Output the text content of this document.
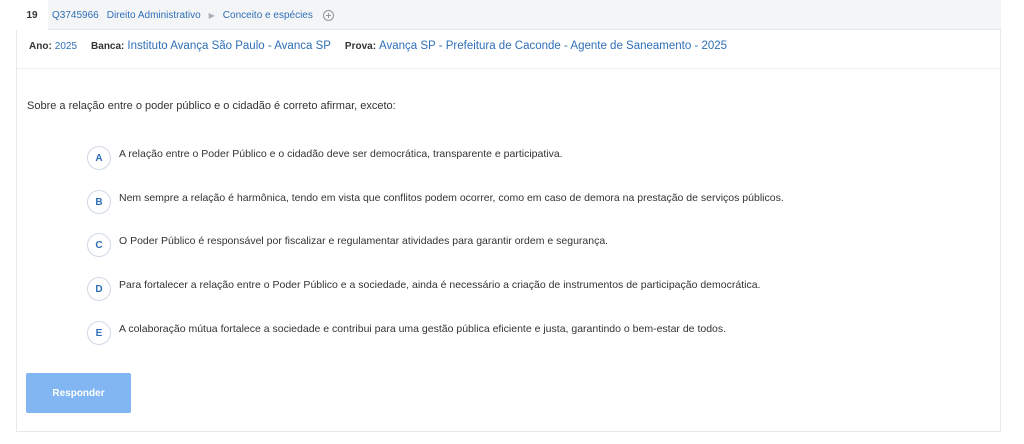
19	Q3745966 Direito Administrativo ▶ Conceito e espécies
Ano: 2025 Banca: Instituto Avança São Paulo - Avanca SP Prova: Avança SP - Prefeitura de Caconde - Agente de Saneamento - 2025
Sobre a relação entre o poder público e o cidadão é correto afirmar, exceto:
A	A relação entre o Poder Público e o cidadão deve ser democrática, transparente e participativa.
B	Nem sempre a relação é harmônica, tendo em vista que conflitos podem ocorrer, como em caso de demora na prestação de serviços públicos.
C	O Poder Público é responsável por fiscalizar e regulamentar atividades para garantir ordem e segurança.
D	Para fortalecer a relação entre o Poder Público e a sociedade, ainda é necessário a criação de instrumentos de participação democrática.
E	A colaboração mútua fortalece a sociedade e contribui para uma gestão pública eficiente e justa, garantindo o bem-estar de todos.
Responder
